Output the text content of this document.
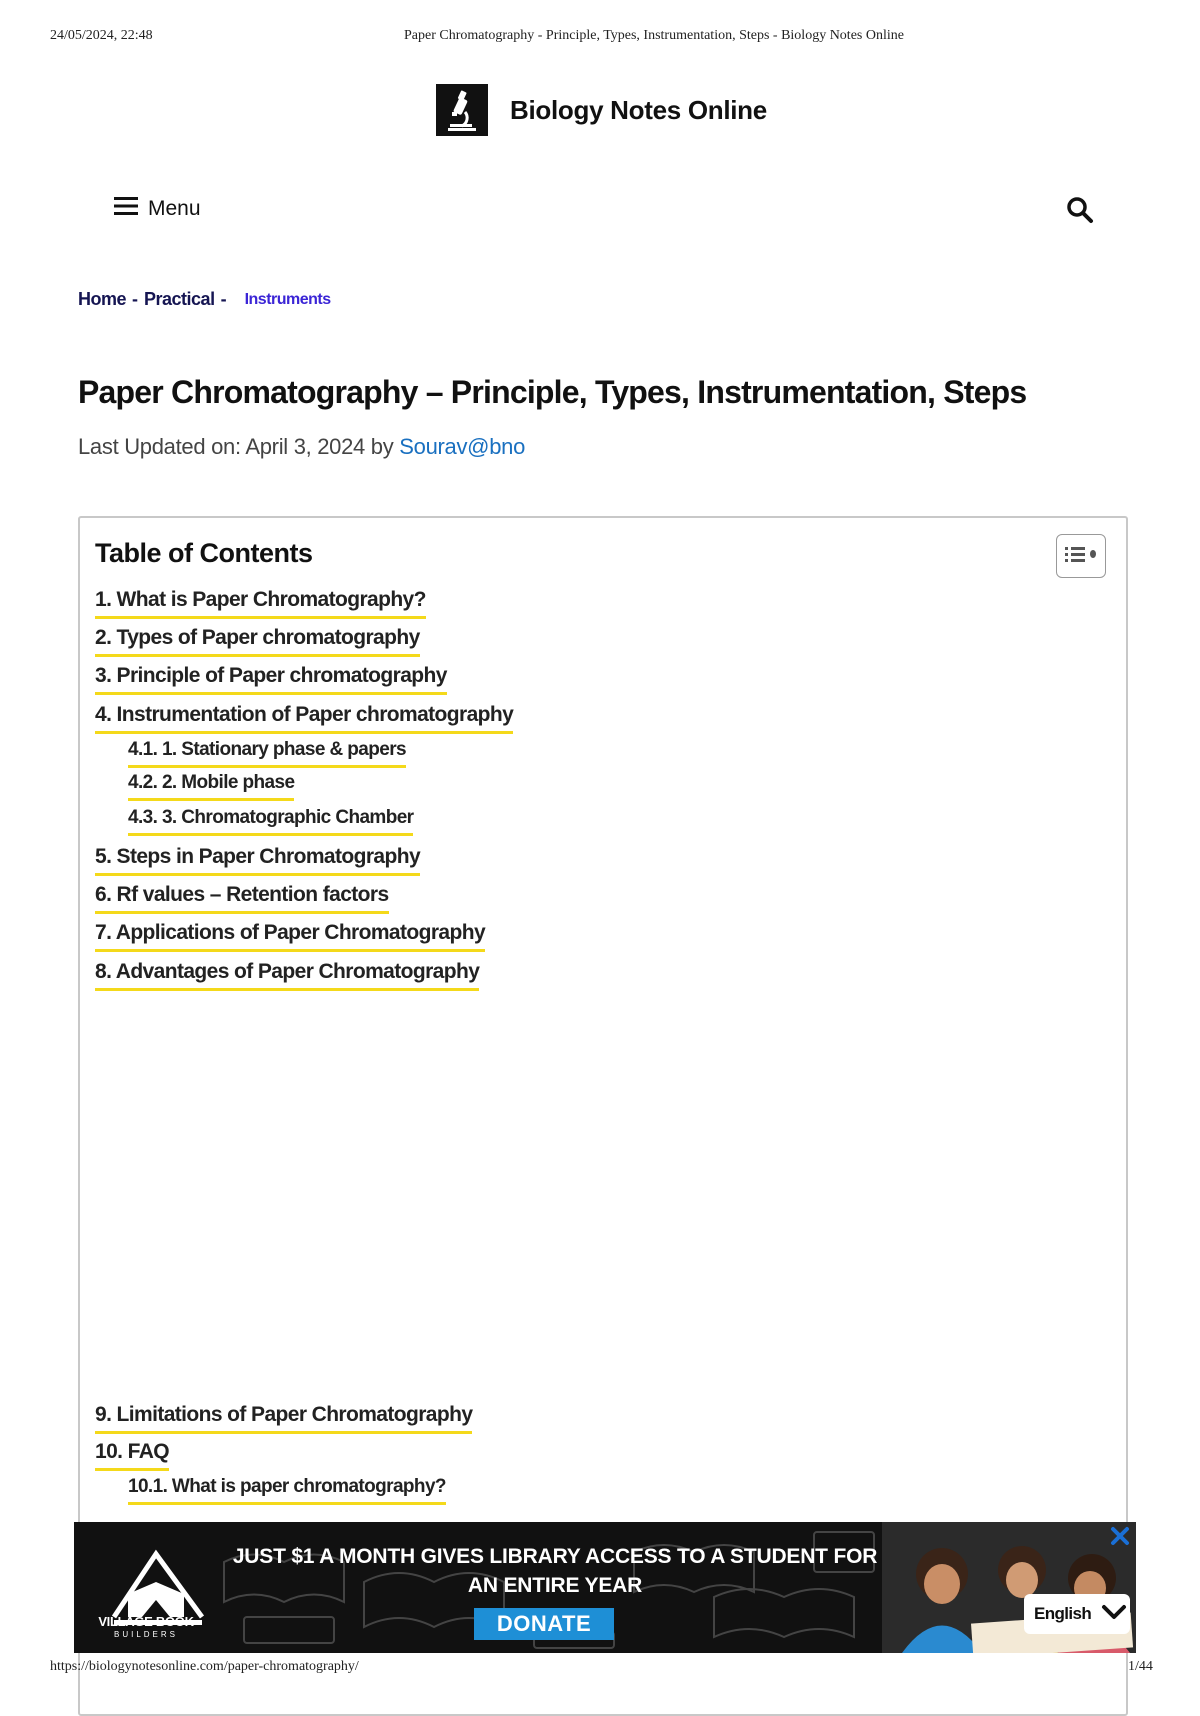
24/05/2024, 22:48	Paper Chromatography - Principle, Types, Instrumentation, Steps - Biology Notes Online
Biology Notes Online
Menu
Home - Practical - Instruments
Paper Chromatography – Principle, Types, Instrumentation, Steps
Last Updated on: April 3, 2024 by Sourav@bno
Table of Contents
1. What is Paper Chromatography?
2. Types of Paper chromatography
3. Principle of Paper chromatography
4. Instrumentation of Paper chromatography
4.1. 1. Stationary phase & papers
4.2. 2. Mobile phase
4.3. 3. Chromatographic Chamber
5. Steps in Paper Chromatography
6. Rf values – Retention factors
7. Applications of Paper Chromatography
8. Advantages of Paper Chromatography
9. Limitations of Paper Chromatography
10. FAQ
10.1. What is paper chromatography?
VILLAGE BOOK
BUILDERS
JUST $1 A MONTH GIVES LIBRARY ACCESS TO A STUDENT FOR
AN ENTIRE YEAR
DONATE	English
https://biologynotesonline.com/paper-chromatography/	1/44
